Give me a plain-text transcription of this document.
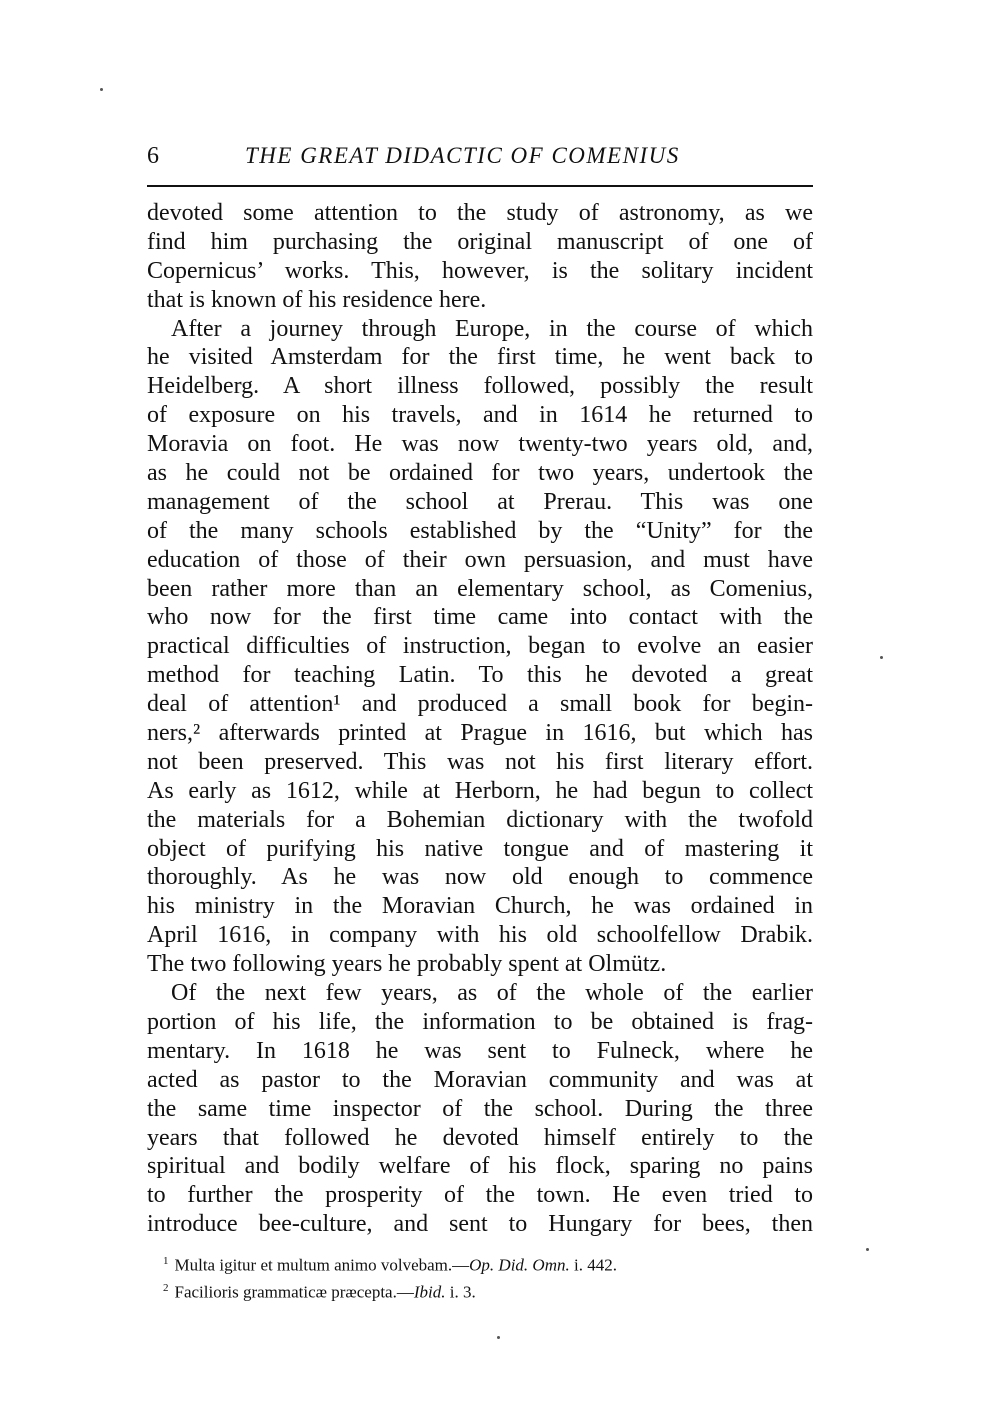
6	THE GREAT DIDACTIC OF COMENIUS
devoted some attention to the study of astronomy, as we
find him purchasing the original manuscript of one of
Copernicus’ works. This, however, is the solitary incident
that is known of his residence here.
After a journey through Europe, in the course of which
he visited Amsterdam for the first time, he went back to
Heidelberg. A short illness followed, possibly the result
of exposure on his travels, and in 1614 he returned to
Moravia on foot. He was now twenty-two years old, and,
as he could not be ordained for two years, undertook the
management of the school at Prerau. This was one
of the many schools established by the “Unity” for the
education of those of their own persuasion, and must have
been rather more than an elementary school, as Comenius,
who now for the first time came into contact with the
practical difficulties of instruction, began to evolve an easier
method for teaching Latin. To this he devoted a great
deal of attention¹ and produced a small book for begin-
ners,² afterwards printed at Prague in 1616, but which has
not been preserved. This was not his first literary effort.
As early as 1612, while at Herborn, he had begun to collect
the materials for a Bohemian dictionary with the twofold
object of purifying his native tongue and of mastering it
thoroughly. As he was now old enough to commence
his ministry in the Moravian Church, he was ordained in
April 1616, in company with his old schoolfellow Drabik.
The two following years he probably spent at Olmütz.
Of the next few years, as of the whole of the earlier
portion of his life, the information to be obtained is frag-
mentary. In 1618 he was sent to Fulneck, where he
acted as pastor to the Moravian community and was at
the same time inspector of the school. During the three
years that followed he devoted himself entirely to the
spiritual and bodily welfare of his flock, sparing no pains
to further the prosperity of the town. He even tried to
introduce bee-culture, and sent to Hungary for bees, then
$^1$ Multa igitur et multum animo volvebam.—Op. Did. Omn. i. 442.
$^2$ Facilioris grammaticæ præcepta.—Ibid. i. 3.
